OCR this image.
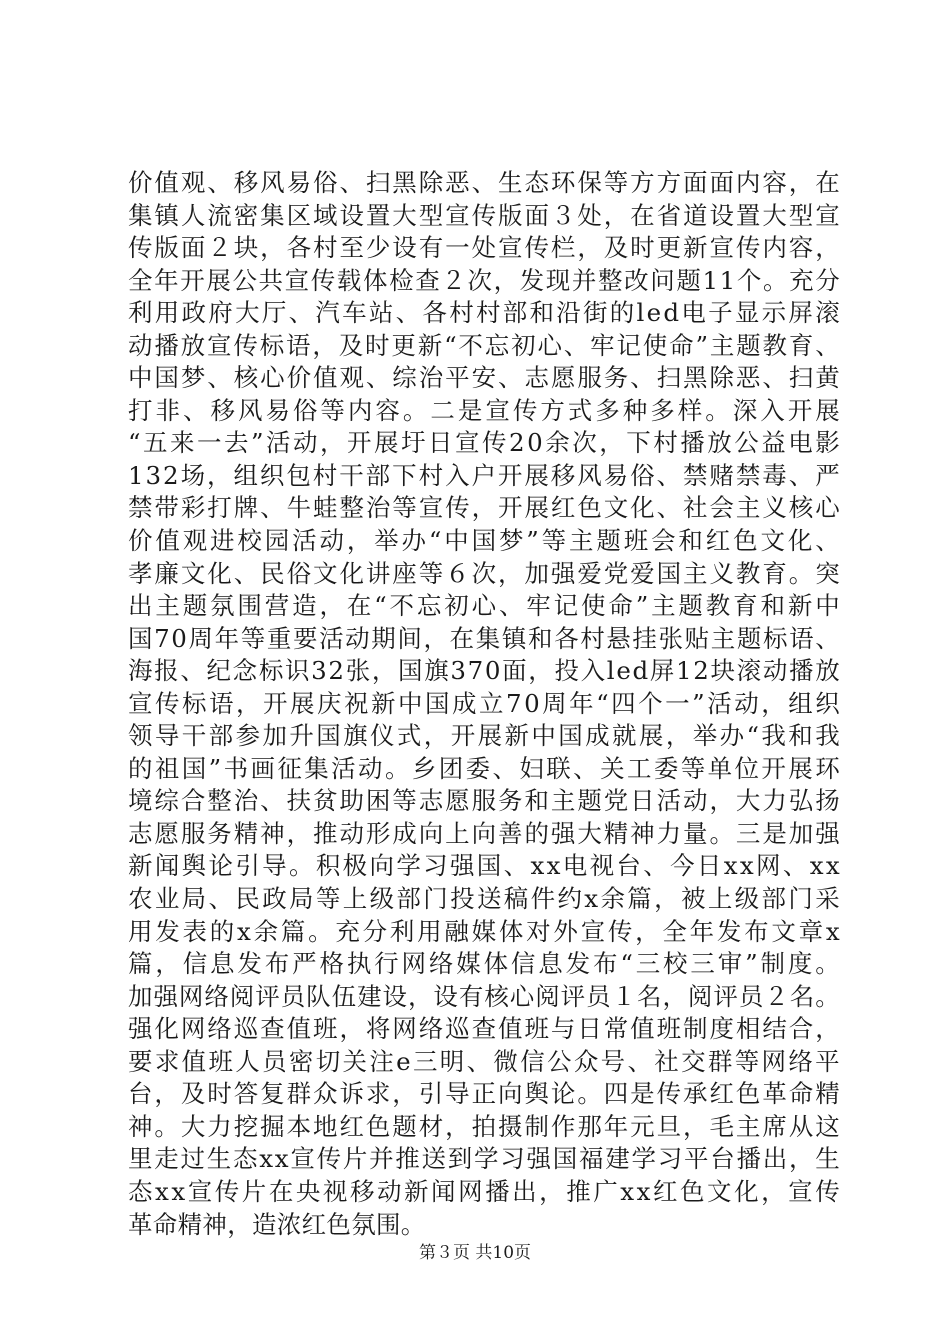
价值观、移风易俗、扫黑除恶、生态环保等方方面面内容，在
集镇人流密集区域设置大型宣传版面３处，在省道设置大型宣
传版面２块，各村至少设有一处宣传栏，及时更新宣传内容，
全年开展公共宣传载体检查２次，发现并整改问题11个。充分
利用政府大厅、汽车站、各村村部和沿街的led电子显示屏滚
动播放宣传标语，及时更新“不忘初心、牢记使命”主题教育、
中国梦、核心价值观、综治平安、志愿服务、扫黑除恶、扫黄
打非、移风易俗等内容。二是宣传方式多种多样。深入开展
“五来一去”活动，开展圩日宣传20余次，下村播放公益电影
132场，组织包村干部下村入户开展移风易俗、禁赌禁毒、严
禁带彩打牌、牛蛙整治等宣传，开展红色文化、社会主义核心
价值观进校园活动，举办“中国梦”等主题班会和红色文化、
孝廉文化、民俗文化讲座等６次，加强爱党爱国主义教育。突
出主题氛围营造，在“不忘初心、牢记使命”主题教育和新中
国70周年等重要活动期间，在集镇和各村悬挂张贴主题标语、
海报、纪念标识32张，国旗370面，投入led屏12块滚动播放
宣传标语，开展庆祝新中国成立70周年“四个一”活动，组织
领导干部参加升国旗仪式，开展新中国成就展，举办“我和我
的祖国”书画征集活动。乡团委、妇联、关工委等单位开展环
境综合整治、扶贫助困等志愿服务和主题党日活动，大力弘扬
志愿服务精神，推动形成向上向善的强大精神力量。三是加强
新闻舆论引导。积极向学习强国、xx电视台、今日xx网、xx
农业局、民政局等上级部门投送稿件约x余篇，被上级部门采
用发表的x余篇。充分利用融媒体对外宣传，全年发布文章x
篇，信息发布严格执行网络媒体信息发布“三校三审”制度。
加强网络阅评员队伍建设，设有核心阅评员１名，阅评员２名。
强化网络巡查值班，将网络巡查值班与日常值班制度相结合，
要求值班人员密切关注e三明、微信公众号、社交群等网络平
台，及时答复群众诉求，引导正向舆论。四是传承红色革命精
神。大力挖掘本地红色题材，拍摄制作那年元旦，毛主席从这
里走过生态xx宣传片并推送到学习强国福建学习平台播出，生
态xx宣传片在央视移动新闻网播出，推广xx红色文化，宣传
革命精神，造浓红色氛围。
第３页 共10页
